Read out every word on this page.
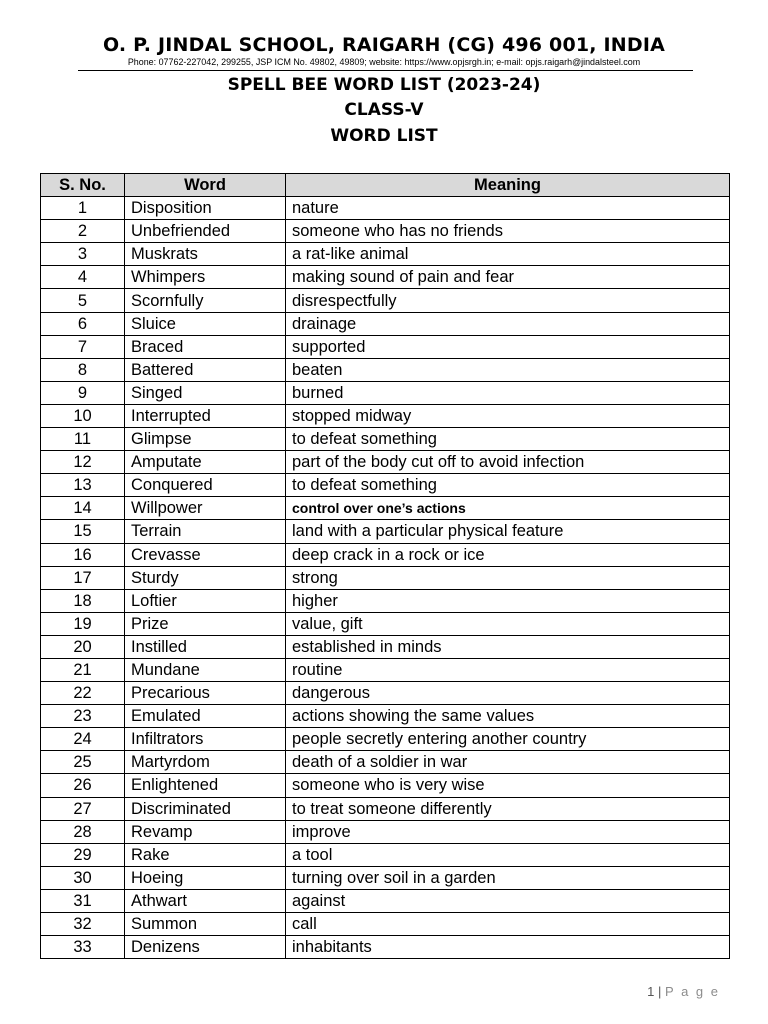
O. P. JINDAL SCHOOL, RAIGARH (CG) 496 001, INDIA
Phone: 07762-227042, 299255, JSP ICM No. 49802, 49809; website: https://www.opjsrgh.in; e-mail: opjs.raigarh@jindalsteel.com
SPELL BEE WORD LIST (2023-24)
CLASS-V
WORD LIST
S. No.	Word	Meaning
1	Disposition	nature
2	Unbefriended	someone who has no friends
3	Muskrats	a rat-like animal
4	Whimpers	making sound of pain and fear
5	Scornfully	disrespectfully
6	Sluice	drainage
7	Braced	supported
8	Battered	beaten
9	Singed	burned
10	Interrupted	stopped midway
11	Glimpse	to defeat something
12	Amputate	part of the body cut off to avoid infection
13	Conquered	to defeat something
14	Willpower	control over one’s actions
15	Terrain	land with a particular physical feature
16	Crevasse	deep crack in a rock or ice
17	Sturdy	strong
18	Loftier	higher
19	Prize	value, gift
20	Instilled	established in minds
21	Mundane	routine
22	Precarious	dangerous
23	Emulated	actions showing the same values
24	Infiltrators	people secretly entering another country
25	Martyrdom	death of a soldier in war
26	Enlightened	someone who is very wise
27	Discriminated	to treat someone differently
28	Revamp	improve
29	Rake	a tool
30	Hoeing	turning over soil in a garden
31	Athwart	against
32	Summon	call
33	Denizens	inhabitants
1 | P a g e
